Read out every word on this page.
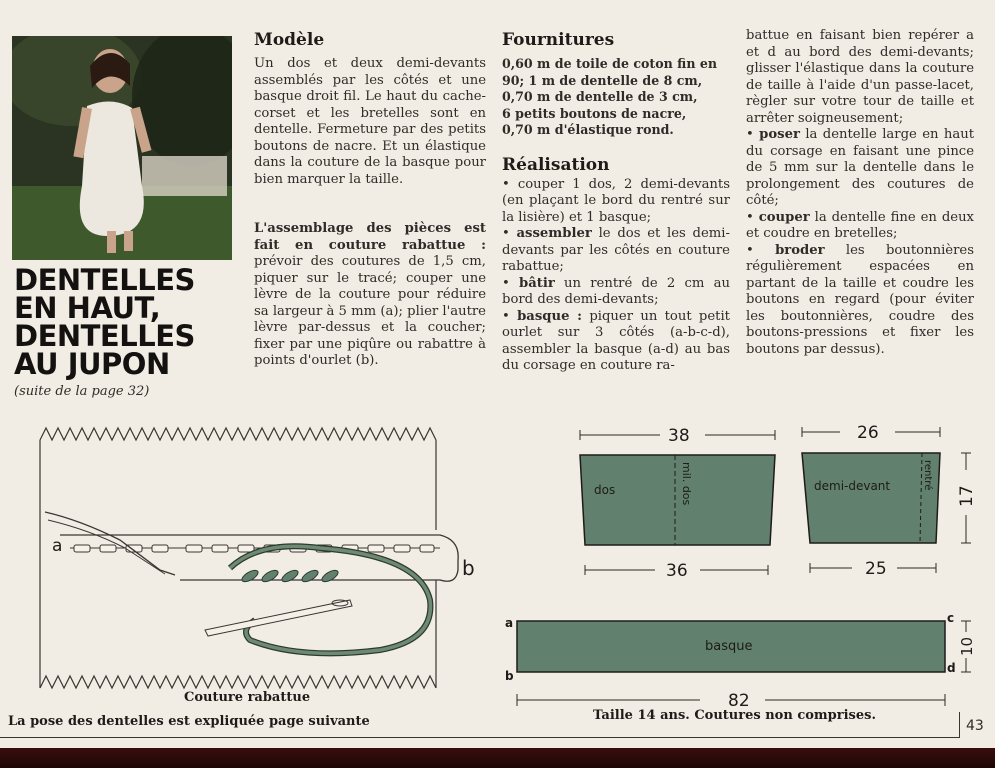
DENTELLES
EN HAUT,
DENTELLES
AU JUPON
(suite de la page 32)
Modèle
Un dos et deux demi-devants assemblés par les côtés et une basque droit fil. Le haut du cache-corset et les bretelles sont en dentelle. Fermeture par des petits boutons de nacre. Et un élastique dans la couture de la basque pour bien marquer la taille.
L'assemblage des pièces est fait en couture rabattue : prévoir des coutures de 1,5 cm, piquer sur le tracé; couper une lèvre de la couture pour réduire sa largeur à 5 mm (a); plier l'autre lèvre par-dessus et la coucher; fixer par une piqûre ou rabattre à points d'ourlet (b).
Fournitures
0,60 m de toile de coton fin en
90; 1 m de dentelle de 8 cm,
0,70 m de dentelle de 3 cm,
6 petits boutons de nacre,
0,70 m d'élastique rond.
Réalisation
• couper 1 dos, 2 demi-devants (en plaçant le bord du rentré sur la lisière) et 1 basque;
• assembler le dos et les demi-devants par les côtés en couture rabattue;
• bâtir un rentré de 2 cm au bord des demi-devants;
• basque : piquer un tout petit ourlet sur 3 côtés (a-b-c-d), assembler la basque (a-d) au bas du corsage en couture ra-
battue en faisant bien repérer a et d au bord des demi-devants; glisser l'élastique dans la couture de taille à l'aide d'un passe-lacet, règler sur votre tour de taille et arrêter soigneusement;
• poser la dentelle large en haut du corsage en faisant une pince de 5 mm sur la dentelle dans le prolongement des coutures de côté;
• couper la dentelle fine en deux et coudre en bretelles;
• broder les boutonnières régulièrement espacées en partant de la taille et coudre les boutons en regard (pour éviter les boutonnières, coudre des boutons-pressions et fixer les boutons par dessus).
a
b
Couture rabattue
La pose des dentelles est expliquée page suivante
38
36
26
25
82
17
10
dos	mil. dos	demi-devant	rentré
basque
a
b
c
d
Taille 14 ans. Coutures non comprises.
43
